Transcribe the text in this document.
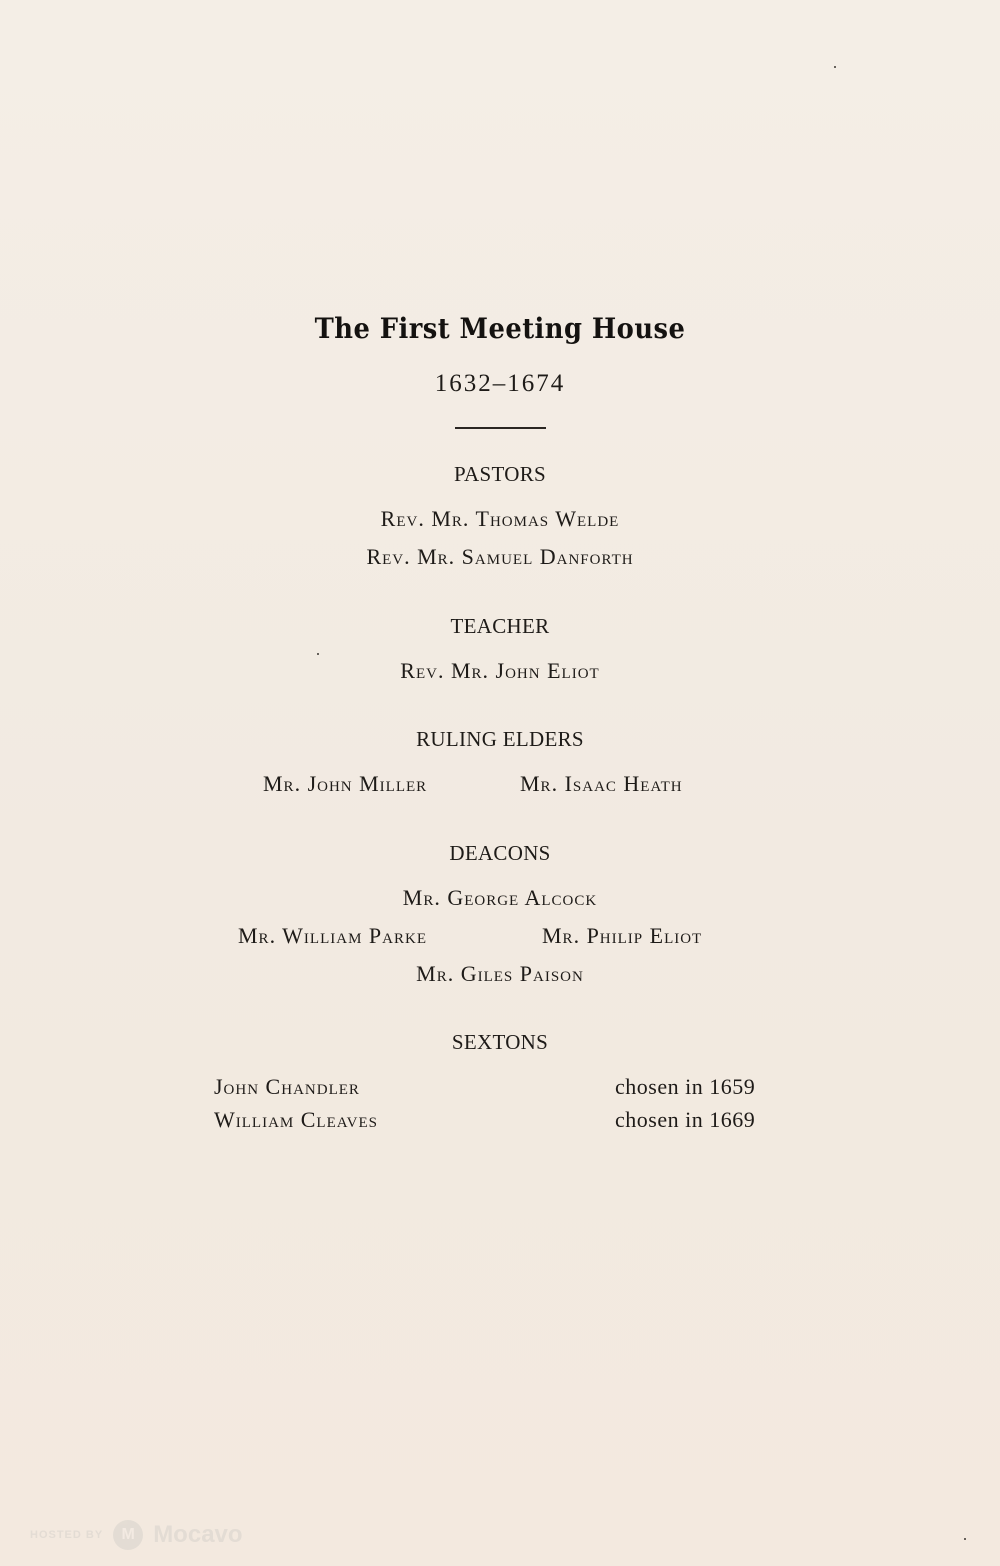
The First Meeting House
1632–1674
PASTORS
Rev. Mr. Thomas Welde
Rev. Mr. Samuel Danforth
TEACHER
Rev. Mr. John Eliot
RULING ELDERS
Mr. John Miller	Mr. Isaac Heath
DEACONS
Mr. George Alcock
Mr. William Parke	Mr. Philip Eliot
Mr. Giles Paison
SEXTONS
John Chandler	chosen in 1659
William Cleaves	chosen in 1669
HOSTED BY	M Mocavo
